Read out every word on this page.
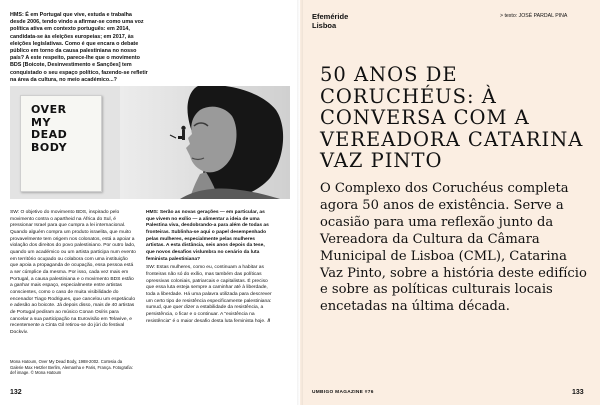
HMS: É em Portugal que vive, estuda e trabalha desde 2006, tendo vindo a afirmar-se como uma voz política ativa em contexto português: em 2014, candidata-se às eleições europeias; em 2017, às eleições legislativas. Como é que encara o debate público em torno da causa palestiniana no nosso país? A este respeito, parece-lhe que o movimento BDS [Boicote, Desinvestimento e Sanções] tem conquistado o seu espaço político, fazendo-se refletir na área da cultura, no meio académico...?

OVER
MY
DEAD
BODY

SW: O objetivo do movimento BDS, inspirado pelo movimento contra o apartheid na África do Sul, é pressionar Israel para que cumpra a lei internacional. Quando alguém compra um produto israelita, que muito provavelmente tem origem nos colonatos, está a apoiar a violação dos direitos do povo palestiniano. Por outro lado, quando um académico ou um artista participa num evento em território ocupado ou colabora com uma instituição que apoia a propaganda de ocupação, essa pessoa está a ser cúmplice da mesma. Por isso, cada vez mais em Portugal, a causa palestiniana e o movimento BDS estão a ganhar mais espaço, especialmente entre artistas conscientes, como o caso de muita visibilidade do encenador Tiago Rodrigues, que cancelou um espetáculo e adesão ao boicote. Já depois disso, mais de 40 artistas de Portugal pediram ao músico Conan Osíris para cancelar a sua participação na Eurovisão em Telavive, e recentemente a Cinta Gil retirou-se do júri do festival Dockviv.

HMS: Serão as novas gerações — em particular, as que vivem no exílio — a alimentar a ideia de uma Palestina viva, desdobrando-a para além de todas as fronteiras. Sublinha-se aqui o papel desempenhado pelas mulheres, especialmente pelas mulheres artistas. A esta distância, seis anos depois da tese, que novos desafios vislumbra no cenário da luta feminista palestiniana?

SW: Estas mulheres, como eu, continuam a habitar as fronteiras não só do exílio, mas também das políticas opressivas coloniais, patriarcais e capitalistas. É preciso que essa luta esteja sempre a caminhar até à liberdade, toda a liberdade. Há uma palavra utilizada para descrever um certo tipo de resistência especificamente palestiniana: sumud, que quer dizer a estabilidade da resistência, a persistência, o ficar e o continuar. A "existência na resistência" é o maior desafio desta luta feminista hoje. //

Mona Hatoum, Over My Dead Body, 1988-2002. Cortesia da Galerie Max Hetzler Berlim, Alemanha e Paris, França. Fotografia: def image. © Mona Hatoum

132

Efeméride
Lisboa

> texto: JOSÉ PARDAL PINA
50 ANOS DE CORUCHÉUS: À CONVERSA COM A VEREADORA CATARINA VAZ PINTO

O Complexo dos Coruchéus completa agora 50 anos de existência. Serve a ocasião para uma reflexão junto da Vereadora da Cultura da Câmara Municipal de Lisboa (CML), Catarina Vaz Pinto, sobre a história deste edifício e sobre as políticas culturais locais encetadas na última década.

UMBIGO MAGAZINE #76	133
